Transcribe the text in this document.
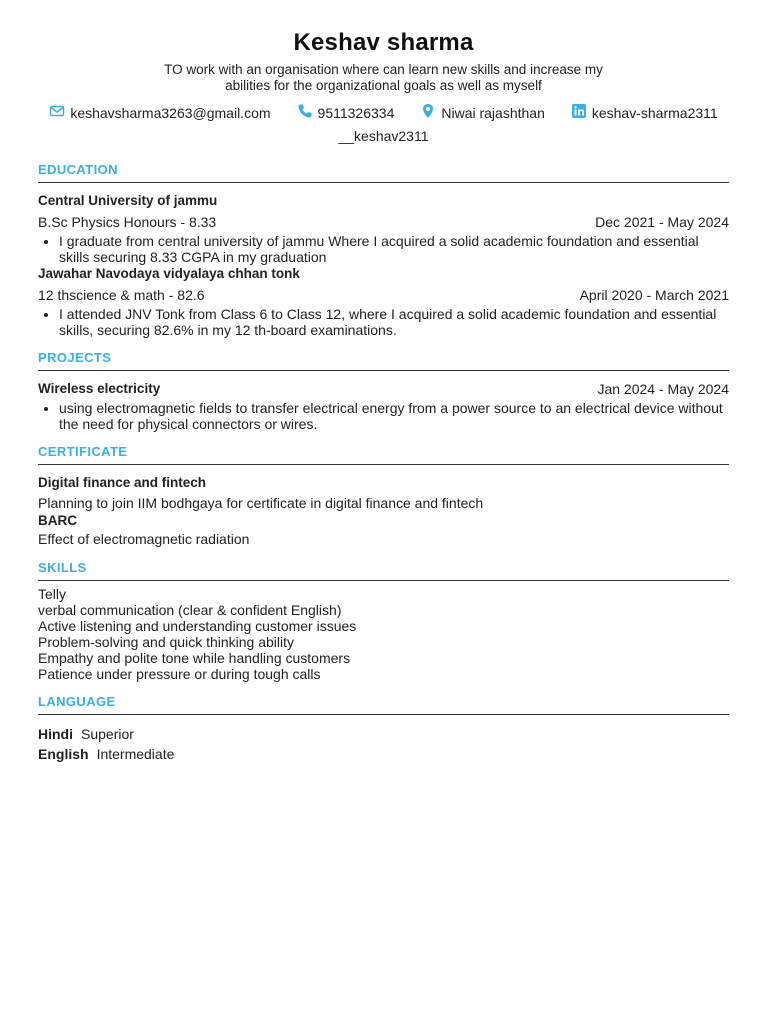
Keshav sharma
TO work with an organisation where can learn new skills and increase my abilities for the organizational goals as well as myself
keshavsharma3263@gmail.com	9511326334	Niwai rajashthan	keshav-sharma2311
__keshav2311
EDUCATION
Central University of jammu
B.Sc Physics Honours - 8.33	Dec 2021 - May 2024
• I graduate from central university of jammu Where I acquired a solid academic foundation and essential skills securing 8.33 CGPA in my graduation
Jawahar Navodaya vidyalaya chhan tonk
12 thscience & math - 82.6	April 2020 - March 2021
• I attended JNV Tonk from Class 6 to Class 12, where I acquired a solid academic foundation and essential skills, securing 82.6% in my 12 th-board examinations.
PROJECTS
Wireless electricity	Jan 2024 - May 2024
• using electromagnetic fields to transfer electrical energy from a power source to an electrical device without the need for physical connectors or wires.
CERTIFICATE
Digital finance and fintech
Planning to join IIM bodhgaya for certificate in digital finance and fintech
BARC
Effect of electromagnetic radiation
SKILLS
Telly
verbal communication (clear & confident English)
Active listening and understanding customer issues
Problem-solving and quick thinking ability
Empathy and polite tone while handling customers
Patience under pressure or during tough calls
LANGUAGE
Hindi Superior
English Intermediate
